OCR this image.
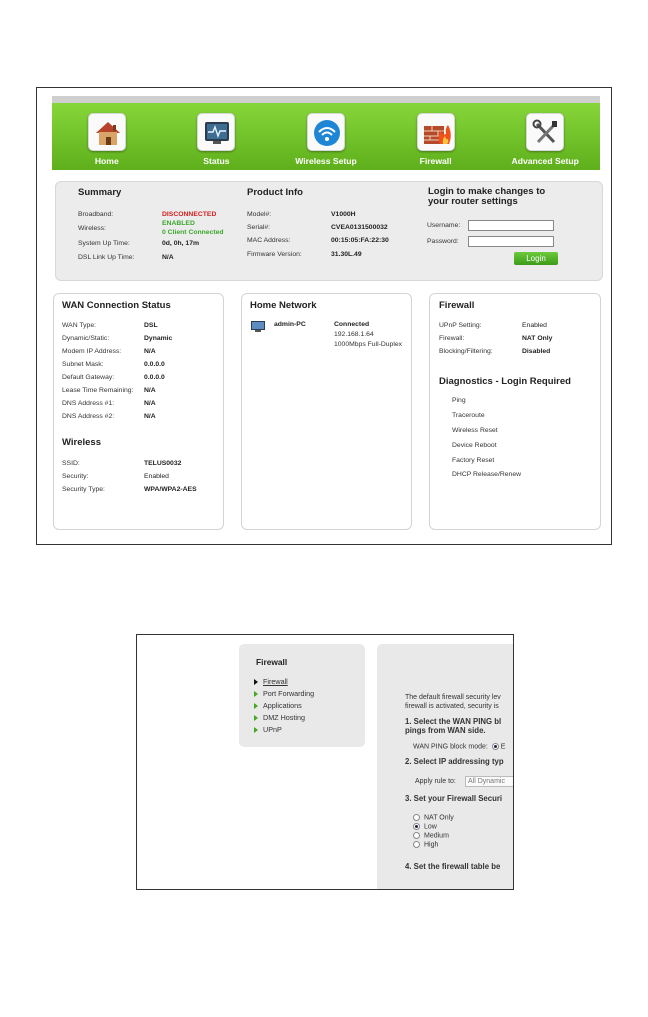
Home	Status	Wireless Setup	Firewall	Advanced Setup
Summary
Broadband:	DISCONNECTED
Wireless:
ENABLED
0 Client Connected
System Up Time:	0d, 0h, 17m
DSL Link Up Time:	N/A
Product Info
Model#:	V1000H
Serial#:	CVEA0131500032
MAC Address:	00:15:05:FA:22:30
Firmware Version:	31.30L.49
Login to make changes to
your router settings
Username:
Password:
Login
WAN Connection Status
WAN Type:	DSL
Dynamic/Static:	Dynamic
Modem IP Address:	N/A
Subnet Mask:	0.0.0.0
Default Gateway:	0.0.0.0
Lease Time Remaining: N/A
DNS Address #1:	N/A
DNS Address #2:	N/A
Wireless
SSID:	TELUS0032
Security:	Enabled
Security Type:	WPA/WPA2-AES
Home Network
admin-PC	Connected
192.168.1.64
1000Mbps Full-Duplex
Firewall
UPnP Setting:	Enabled
Firewall:	NAT Only
Blocking/Filtering:	Disabled
Diagnostics - Login Required
Ping
Traceroute
Wireless Reset
Device Reboot
Factory Reset
DHCP Release/Renew
Firewall
Firewall
Port Forwarding
Applications
DMZ Hosting
UPnP
The default firewall security lev
firewall is activated, security is
1. Select the WAN PING bl
pings from WAN side.
WAN PING block mode: E
2. Select IP addressing typ
Apply rule to:	All Dynamic
3. Set your Firewall Securi
NAT Only
Low
Medium
High
4. Set the firewall table be
